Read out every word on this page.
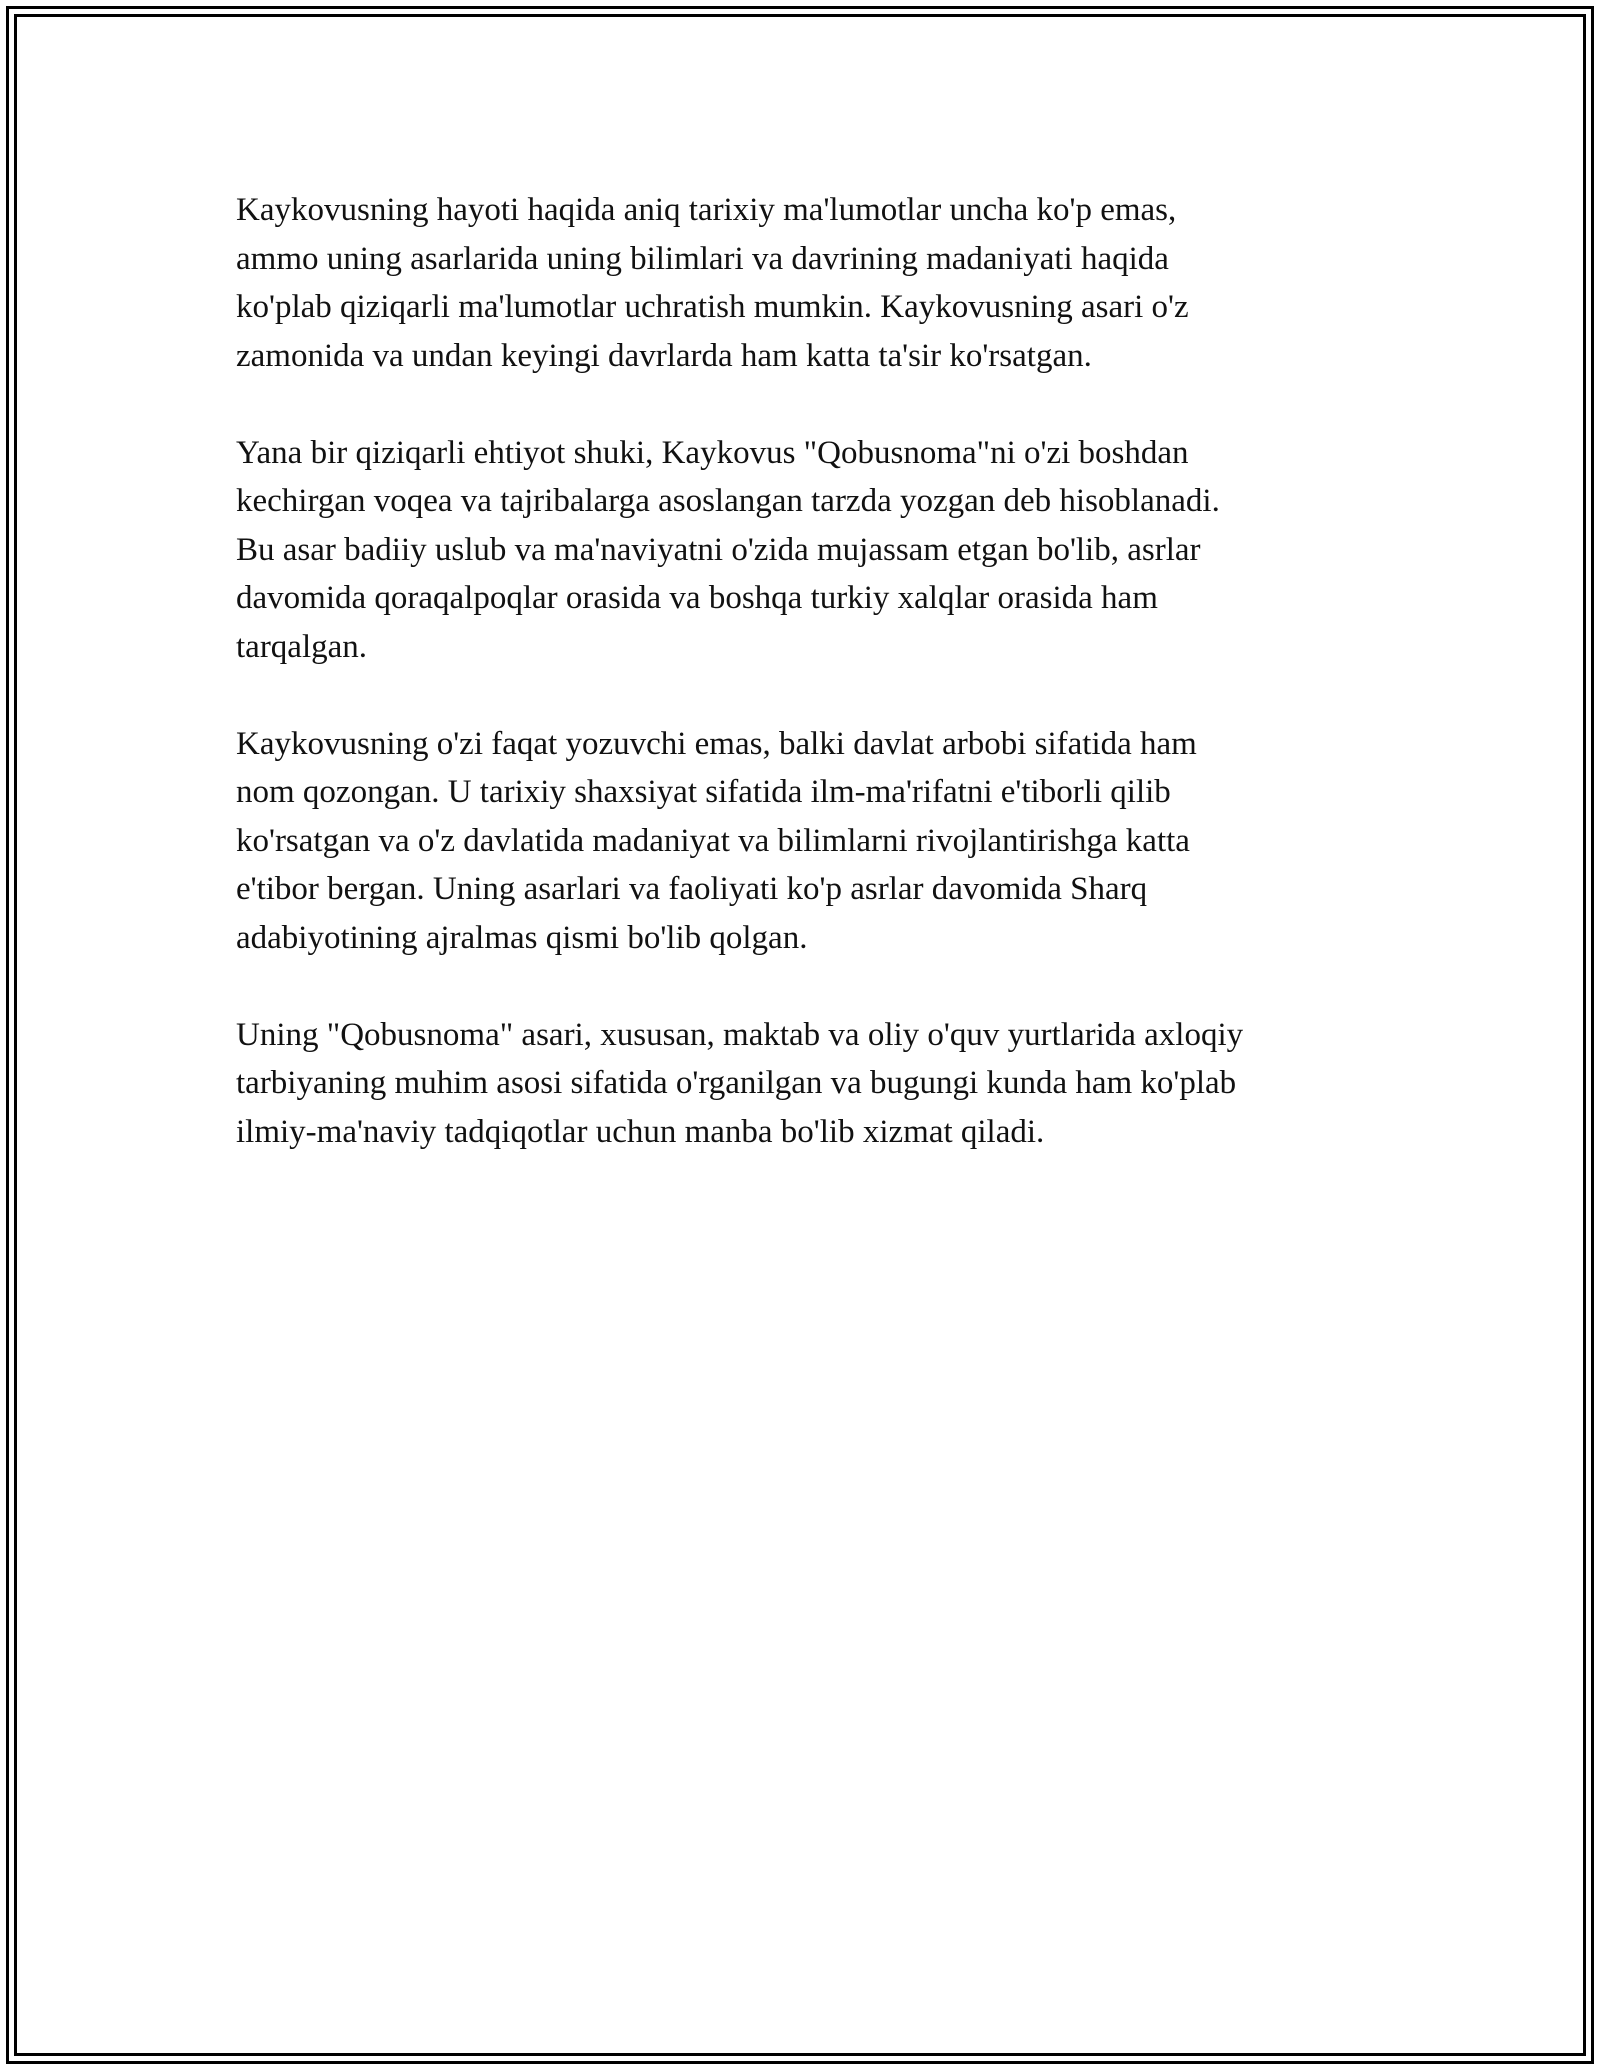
Kaykovusning hayoti haqida aniq tarixiy ma'lumotlar uncha ko'p emas,
ammo uning asarlarida uning bilimlari va davrining madaniyati haqida
ko'plab qiziqarli ma'lumotlar uchratish mumkin. Kaykovusning asari o'z
zamonida va undan keyingi davrlarda ham katta ta'sir ko'rsatgan.

Yana bir qiziqarli ehtiyot shuki, Kaykovus "Qobusnoma"ni o'zi boshdan
kechirgan voqea va tajribalarga asoslangan tarzda yozgan deb hisoblanadi.
Bu asar badiiy uslub va ma'naviyatni o'zida mujassam etgan bo'lib, asrlar
davomida qoraqalpoqlar orasida va boshqa turkiy xalqlar orasida ham
tarqalgan.

Kaykovusning o'zi faqat yozuvchi emas, balki davlat arbobi sifatida ham
nom qozongan. U tarixiy shaxsiyat sifatida ilm-ma'rifatni e'tiborli qilib
ko'rsatgan va o'z davlatida madaniyat va bilimlarni rivojlantirishga katta
e'tibor bergan. Uning asarlari va faoliyati ko'p asrlar davomida Sharq
adabiyotining ajralmas qismi bo'lib qolgan.

Uning "Qobusnoma" asari, xususan, maktab va oliy o'quv yurtlarida axloqiy
tarbiyaning muhim asosi sifatida o'rganilgan va bugungi kunda ham ko'plab
ilmiy-ma'naviy tadqiqotlar uchun manba bo'lib xizmat qiladi.
